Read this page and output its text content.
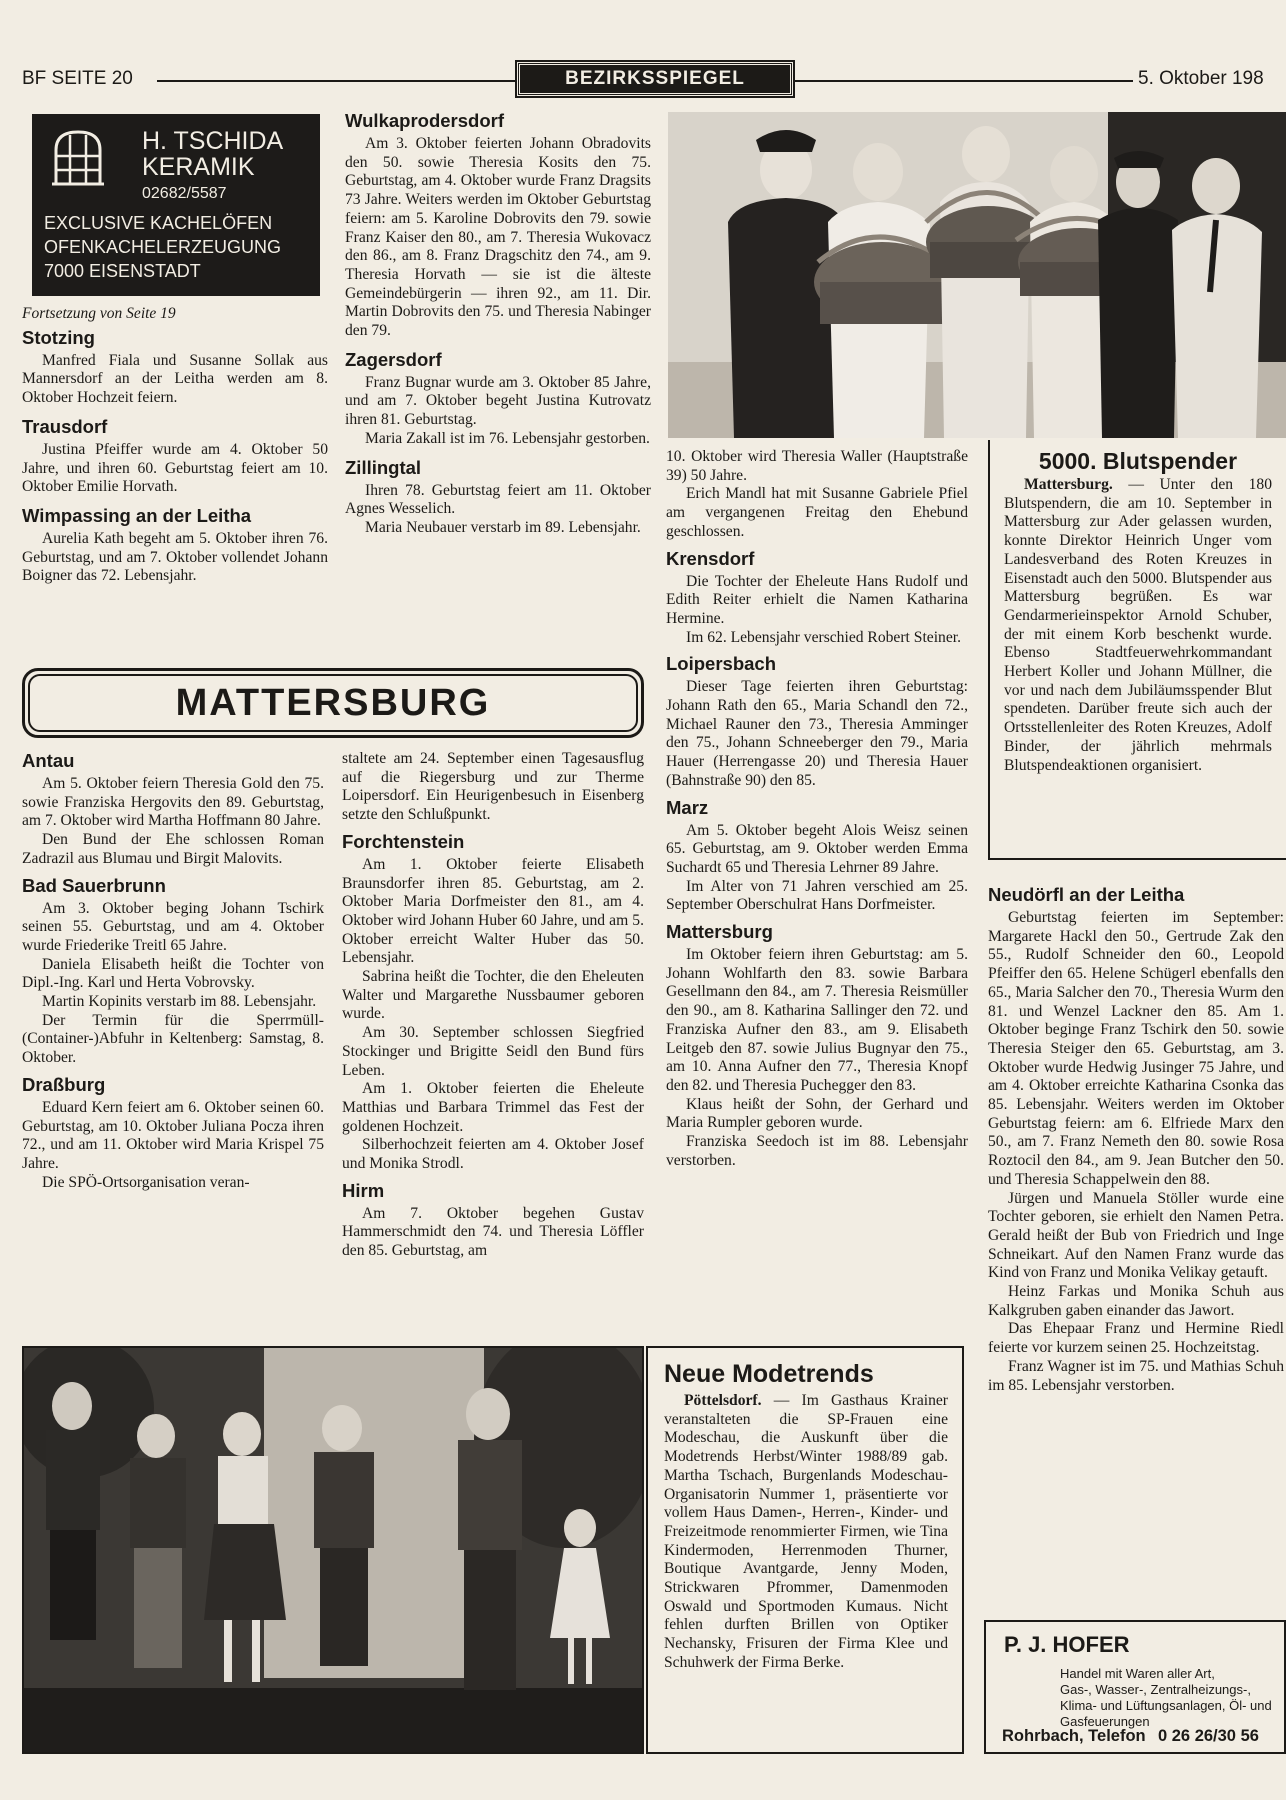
BF SEITE 20	BEZIRKSSPIEGEL	5. Oktober 198
H. TSCHIDA
KERAMIK
02682/5587
EXCLUSIVE KACHELÖFEN
OFENKACHELERZEUGUNG
7000 EISENSTADT
Fortsetzung von Seite 19
Stotzing

Manfred Fiala und Susanne Sollak aus Mannersdorf an der Leitha werden am 8. Oktober Hochzeit feiern.

Trausdorf

Justina Pfeiffer wurde am 4. Oktober 50 Jahre, und ihren 60. Geburtstag feiert am 10. Oktober Emilie Horvath.

Wimpassing an der Leitha

Aurelia Kath begeht am 5. Oktober ihren 76. Geburtstag, und am 7. Oktober vollendet Johann Boigner das 72. Lebensjahr.

Wulkaprodersdorf

Am 3. Oktober feierten Johann Obradovits den 50. sowie Theresia Kosits den 75. Geburtstag, am 4. Oktober wurde Franz Dragsits 73 Jahre. Weiters werden im Oktober Geburtstag feiern: am 5. Karoline Dobrovits den 79. sowie Franz Kaiser den 80., am 7. Theresia Wukovacz den 86., am 8. Franz Dragschitz den 74., am 9. Theresia Horvath — sie ist die älteste Gemeindebürgerin — ihren 92., am 11. Dir. Martin Dobrovits den 75. und Theresia Nabinger den 79.

Zagersdorf

Franz Bugnar wurde am 3. Oktober 85 Jahre, und am 7. Oktober begeht Justina Kutrovatz ihren 81. Geburtstag.

Maria Zakall ist im 76. Lebensjahr gestorben.

Zillingtal

Ihren 78. Geburtstag feiert am 11. Oktober Agnes Wesselich.

Maria Neubauer verstarb im 89. Lebensjahr.

10. Oktober wird Theresia Waller (Hauptstraße 39) 50 Jahre.

Erich Mandl hat mit Susanne Gabriele Pfiel am vergangenen Freitag den Ehebund geschlossen.

Krensdorf

Die Tochter der Eheleute Hans Rudolf und Edith Reiter erhielt die Namen Katharina Hermine.

Im 62. Lebensjahr verschied Robert Steiner.

Loipersbach

Dieser Tage feierten ihren Geburtstag: Johann Rath den 65., Maria Schandl den 72., Michael Rauner den 73., Theresia Amminger den 75., Johann Schneeberger den 79., Maria Hauer (Herrengasse 20) und Theresia Hauer (Bahnstraße 90) den 85.

Marz

Am 5. Oktober begeht Alois Weisz seinen 65. Geburtstag, am 9. Oktober werden Emma Suchardt 65 und Theresia Lehrner 89 Jahre.

Im Alter von 71 Jahren verschied am 25. September Oberschulrat Hans Dorfmeister.

Mattersburg

Im Oktober feiern ihren Geburtstag: am 5. Johann Wohlfarth den 83. sowie Barbara Gesellmann den 84., am 7. Theresia Reismüller den 90., am 8. Katharina Sallinger den 72. und Franziska Aufner den 83., am 9. Elisabeth Leitgeb den 87. sowie Julius Bugnyar den 75., am 10. Anna Aufner den 77., Theresia Knopf den 82. und Theresia Puchegger den 83.

Klaus heißt der Sohn, der Gerhard und Maria Rumpler geboren wurde.

Franziska Seedoch ist im 88. Lebensjahr verstorben.

5000. Blutspender

Mattersburg. — Unter den 180 Blutspendern, die am 10. September in Mattersburg zur Ader gelassen wurden, konnte Direktor Heinrich Unger vom Landesverband des Roten Kreuzes in Eisenstadt auch den 5000. Blutspender aus Mattersburg begrüßen. Es war Gendarmerieinspektor Arnold Schuber, der mit einem Korb beschenkt wurde. Ebenso Stadtfeuerwehrkommandant Herbert Koller und Johann Müllner, die vor und nach dem Jubiläumsspender Blut spendeten. Darüber freute sich auch der Ortsstellenleiter des Roten Kreuzes, Adolf Binder, der jährlich mehrmals Blutspendeaktionen organisiert.

MATTERSBURG
Antau

Am 5. Oktober feiern Theresia Gold den 75. sowie Franziska Hergovits den 89. Geburtstag, am 7. Oktober wird Martha Hoffmann 80 Jahre.

Den Bund der Ehe schlossen Roman Zadrazil aus Blumau und Birgit Malovits.

Bad Sauerbrunn

Am 3. Oktober beging Johann Tschirk seinen 55. Geburtstag, und am 4. Oktober wurde Friederike Treitl 65 Jahre.

Daniela Elisabeth heißt die Tochter von Dipl.-Ing. Karl und Herta Vobrovsky.

Martin Kopinits verstarb im 88. Lebensjahr.

Der Termin für die Sperrmüll-(Container-)Abfuhr in Keltenberg: Samstag, 8. Oktober.

Draßburg

Eduard Kern feiert am 6. Oktober seinen 60. Geburtstag, am 10. Oktober Juliana Pocza ihren 72., und am 11. Oktober wird Maria Krispel 75 Jahre.

Die SPÖ-Ortsorganisation veran-

staltete am 24. September einen Tagesausflug auf die Riegersburg und zur Therme Loipersdorf. Ein Heurigenbesuch in Eisenberg setzte den Schlußpunkt.

Forchtenstein

Am 1. Oktober feierte Elisabeth Braunsdorfer ihren 85. Geburtstag, am 2. Oktober Maria Dorfmeister den 81., am 4. Oktober wird Johann Huber 60 Jahre, und am 5. Oktober erreicht Walter Huber das 50. Lebensjahr.

Sabrina heißt die Tochter, die den Eheleuten Walter und Margarethe Nussbaumer geboren wurde.

Am 30. September schlossen Siegfried Stockinger und Brigitte Seidl den Bund fürs Leben.

Am 1. Oktober feierten die Eheleute Matthias und Barbara Trimmel das Fest der goldenen Hochzeit.

Silberhochzeit feierten am 4. Oktober Josef und Monika Strodl.

Hirm

Am 7. Oktober begehen Gustav Hammerschmidt den 74. und Theresia Löffler den 85. Geburtstag, am

Neudörfl an der Leitha

Geburtstag feierten im September: Margarete Hackl den 50., Gertrude Zak den 55., Rudolf Schneider den 60., Leopold Pfeiffer den 65. Helene Schügerl ebenfalls den 65., Maria Salcher den 70., Theresia Wurm den 81. und Wenzel Lackner den 85. Am 1. Oktober beginge Franz Tschirk den 50. sowie Theresia Steiger den 65. Geburtstag, am 3. Oktober wurde Hedwig Jusinger 75 Jahre, und am 4. Oktober erreichte Katharina Csonka das 85. Lebensjahr. Weiters werden im Oktober Geburtstag feiern: am 6. Elfriede Marx den 50., am 7. Franz Nemeth den 80. sowie Rosa Roztocil den 84., am 9. Jean Butcher den 50. und Theresia Schappelwein den 88.

Jürgen und Manuela Stöller wurde eine Tochter geboren, sie erhielt den Namen Petra. Gerald heißt der Bub von Friedrich und Inge Schneikart. Auf den Namen Franz wurde das Kind von Franz und Monika Velikay getauft.

Heinz Farkas und Monika Schuh aus Kalkgruben gaben einander das Jawort.

Das Ehepaar Franz und Hermine Riedl feierte vor kurzem seinen 25. Hochzeitstag.

Franz Wagner ist im 75. und Mathias Schuh im 85. Lebensjahr verstorben.

Neue Modetrends

Pöttelsdorf. — Im Gasthaus Krainer veranstalteten die SP-Frauen eine Modeschau, die Auskunft über die Modetrends Herbst/Winter 1988/89 gab. Martha Tschach, Burgenlands Modeschau-Organisatorin Nummer 1, präsentierte vor vollem Haus Damen-, Herren-, Kinder- und Freizeitmode renommierter Firmen, wie Tina Kindermoden, Herrenmoden Thurner, Boutique Avantgarde, Jenny Moden, Strickwaren Pfrommer, Damenmoden Oswald und Sportmoden Kumaus. Nicht fehlen durften Brillen von Optiker Nechansky, Frisuren der Firma Klee und Schuhwerk der Firma Berke.

P. J. HOFER
Handel mit Waren aller Art,
Gas-, Wasser-, Zentralheizungs-, Klima- und Lüftungsanlagen, Öl- und Gasfeuerungen
Rohrbach, Telefon 0 26 26/30 56
